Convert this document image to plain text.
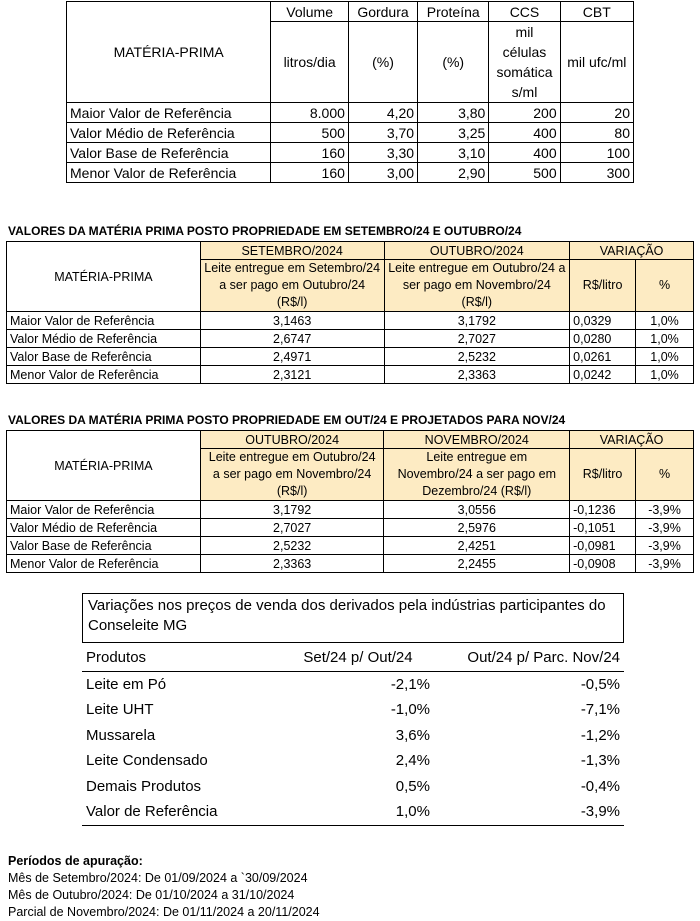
MATÉRIA-PRIMA	Volume	Gordura	Proteína	CCS	CBT
	litros/dia	(%)	(%)	mil células somática s/ml	mil ufc/ml
Maior Valor de Referência	8.000	4,20	3,80	200	20
Valor Médio de Referência	500	3,70	3,25	400	80
Valor Base de Referência	160	3,30	3,10	400	100
Menor Valor de Referência	160	3,00	2,90	500	300
VALORES DA MATÉRIA PRIMA POSTO PROPRIEDADE EM SETEMBRO/24 E OUTUBRO/24
MATÉRIA-PRIMA	SETEMBRO/2024	OUTUBRO/2024	VARIAÇÃO	
	Leite entregue em Setembro/24 a ser pago em Outubro/24 (R$/l)	Leite entregue em Outubro/24 a ser pago em Novembro/24 (R$/l)	R$/litro	%
Maior Valor de Referência	3,1463	3,1792	0,0329	1,0%
Valor Médio de Referência	2,6747	2,7027	0,0280	1,0%
Valor Base de Referência	2,4971	2,5232	0,0261	1,0%
Menor Valor de Referência	2,3121	2,3363	0,0242	1,0%
VALORES DA MATÉRIA PRIMA POSTO PROPRIEDADE EM OUT/24 E PROJETADOS PARA NOV/24
MATÉRIA-PRIMA	OUTUBRO/2024	NOVEMBRO/2024	VARIAÇÃO	
	Leite entregue em Outubro/24 a ser pago em Novembro/24 (R$/l)	Leite entregue em Novembro/24 a ser pago em Dezembro/24 (R$/l)	R$/litro	%
Maior Valor de Referência	3,1792	3,0556	-0,1236	-3,9%
Valor Médio de Referência	2,7027	2,5976	-0,1051	-3,9%
Valor Base de Referência	2,5232	2,4251	-0,0981	-3,9%
Menor Valor de Referência	2,3363	2,2455	-0,0908	-3,9%
Variações nos preços de venda dos derivados pela indústrias participantes do Conseleite MG
Produtos	Set/24 p/ Out/24	Out/24 p/ Parc. Nov/24
Leite em Pó	-2,1%	-0,5%
Leite UHT	-1,0%	-7,1%
Mussarela	3,6%	-1,2%
Leite Condensado	2,4%	-1,3%
Demais Produtos	0,5%	-0,4%
Valor de Referência	1,0%	-3,9%
Períodos de apuração:
Mês de Setembro/2024: De 01/09/2024 a `30/09/2024
Mês de Outubro/2024: De 01/10/2024 a 31/10/2024
Parcial de Novembro/2024: De 01/11/2024 a 20/11/2024
